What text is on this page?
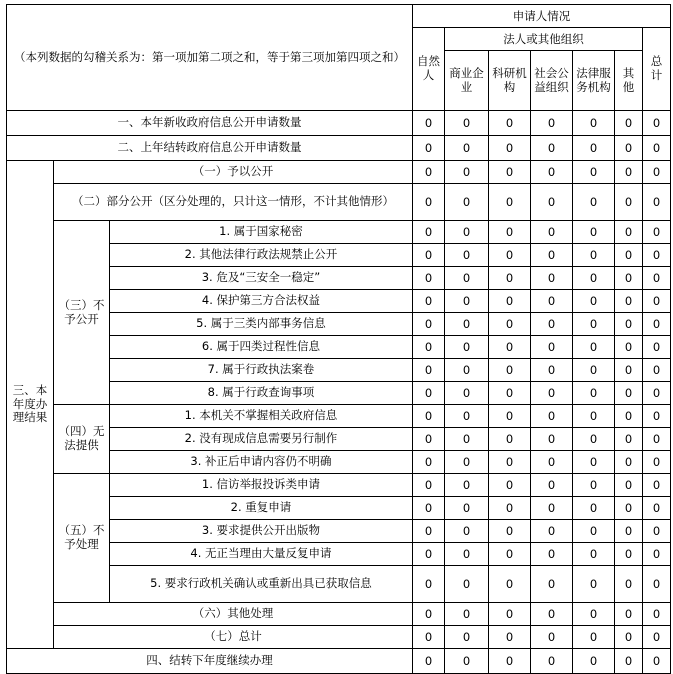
（本列数据的勾稽关系为：第一项加第二项之和，等于第三项加第四项之和）			申请人情况						
			自然人	法人或其他组织					总计
				商业企业	科研机构	社会公益组织	法律服务机构	其他	
一、本年新收政府信息公开申请数量			0	0	0	0	0	0	0
二、上年结转政府信息公开申请数量			0	0	0	0	0	0	0
三、本年度办理结果	（一）予以公开		0	0	0	0	0	0	0
	（二）部分公开（区分处理的，只计这一情形，不计其他情形）		0	0	0	0	0	0	0
	（三）不予公开	1. 属于国家秘密	0	0	0	0	0	0	0
		2. 其他法律行政法规禁止公开	0	0	0	0	0	0	0
		3. 危及“三安全一稳定”	0	0	0	0	0	0	0
		4. 保护第三方合法权益	0	0	0	0	0	0	0
		5. 属于三类内部事务信息	0	0	0	0	0	0	0
		6. 属于四类过程性信息	0	0	0	0	0	0	0
		7. 属于行政执法案卷	0	0	0	0	0	0	0
		8. 属于行政查询事项	0	0	0	0	0	0	0
	（四）无法提供	1. 本机关不掌握相关政府信息	0	0	0	0	0	0	0
		2. 没有现成信息需要另行制作	0	0	0	0	0	0	0
		3. 补正后申请内容仍不明确	0	0	0	0	0	0	0
	（五）不予处理	1. 信访举报投诉类申请	0	0	0	0	0	0	0
		2. 重复申请	0	0	0	0	0	0	0
		3. 要求提供公开出版物	0	0	0	0	0	0	0
		4. 无正当理由大量反复申请	0	0	0	0	0	0	0
		5. 要求行政机关确认或重新出具已获取信息	0	0	0	0	0	0	0
	（六）其他处理		0	0	0	0	0	0	0
	（七）总计		0	0	0	0	0	0	0
四、结转下年度继续办理			0	0	0	0	0	0	0
